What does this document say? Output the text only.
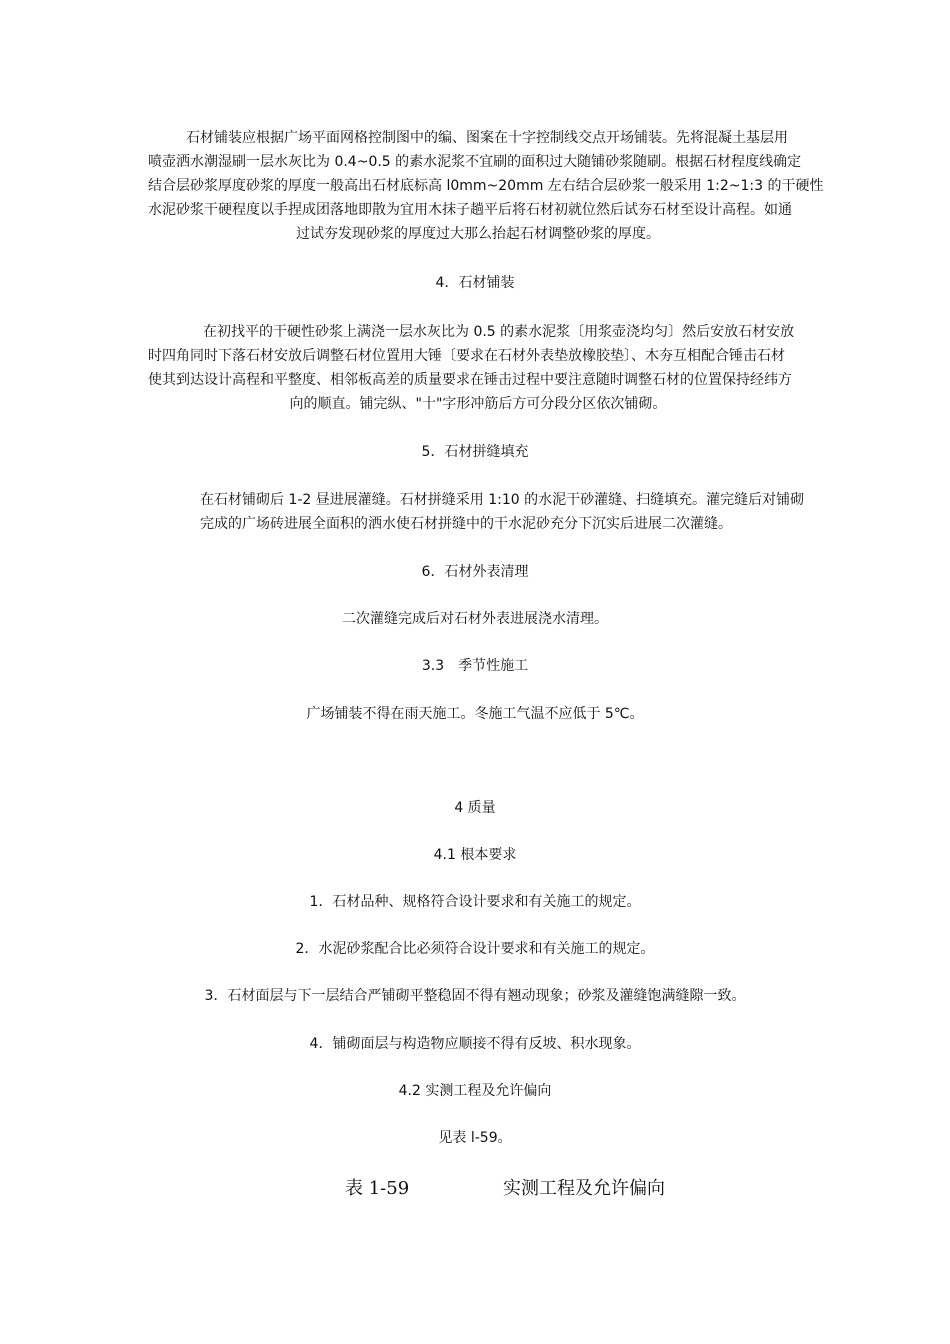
石材铺装应根据广场平面网格控制图中的编、图案在十字控制线交点开场铺装。先将混凝土基层用
喷壶洒水潮湿刷一层水灰比为 0.4~0.5 的素水泥浆不宜刷的面积过大随铺砂浆随刷。根据石材程度线确定
结合层砂浆厚度砂浆的厚度一般高出石材底标高 l0mm~20mm 左右结合层砂浆一般采用 1:2~1:3 的干硬性
水泥砂浆干硬程度以手捏成团落地即散为宜用木抹子趟平后将石材初就位然后试夯石材至设计高程。如通
过试夯发现砂浆的厚度过大那么抬起石材调整砂浆的厚度。

4．石材铺装

在初找平的干硬性砂浆上满浇一层水灰比为 0.5 的素水泥浆〔用浆壶浇均匀〕然后安放石材安放
时四角同时下落石材安放后调整石材位置用大锤〔要求在石材外表垫放橡胶垫〕、木夯互相配合锤击石材
使其到达设计高程和平整度、相邻板高差的质量要求在锤击过程中要注意随时调整石材的位置保持经纬方
向的顺直。铺完纵、"十"字形冲筋后方可分段分区依次铺砌。

5．石材拼缝填充

在石材铺砌后 1-2 昼进展灌缝。石材拼缝采用 1:10 的水泥干砂灌缝、扫缝填充。灌完缝后对铺砌
完成的广场砖进展全面积的洒水使石材拼缝中的干水泥砂充分下沉实后进展二次灌缝。

6．石材外表清理

二次灌缝完成后对石材外表进展浇水清理。

3.3　季节性施工

广场铺装不得在雨天施工。冬施工气温不应低于 5℃。

4 质量

4.1 根本要求

1．石材品种、规格符合设计要求和有关施工的规定。

2．水泥砂浆配合比必须符合设计要求和有关施工的规定。

3．石材面层与下一层结合严铺砌平整稳固不得有翘动现象；砂浆及灌缝饱满缝隙一致。

4．铺砌面层与构造物应顺接不得有反坡、积水现象。

4.2 实测工程及允许偏向

见表 l-59。

表 1-59	实测工程及允许偏向
